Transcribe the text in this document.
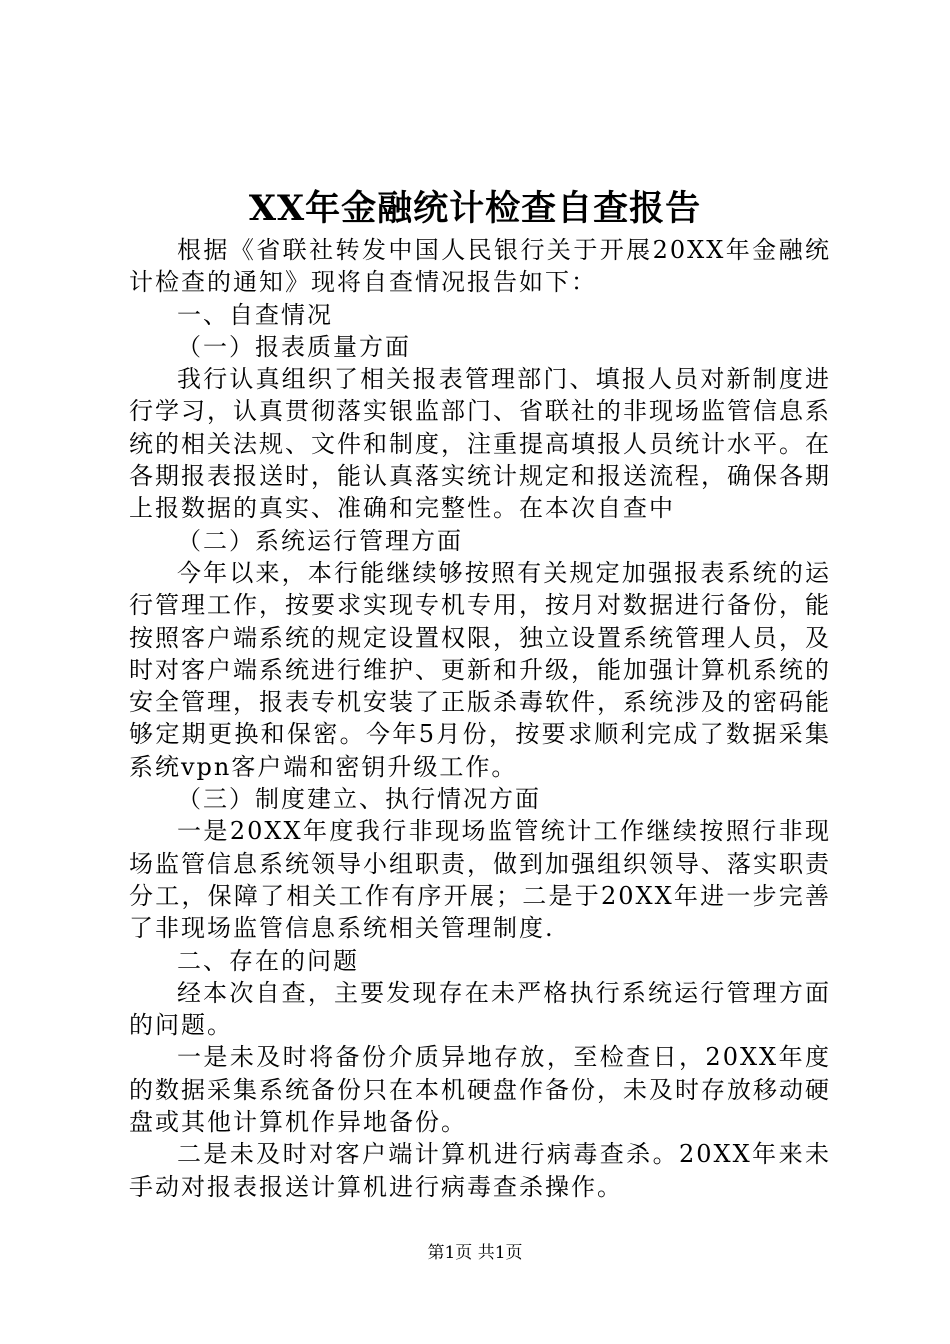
XX年金融统计检查自查报告

根据《省联社转发中国人民银行关于开展20XX年金融统计检查的通知》现将自查情况报告如下：

一、自查情况

（一）报表质量方面

我行认真组织了相关报表管理部门、填报人员对新制度进行学习，认真贯彻落实银监部门、省联社的非现场监管信息系统的相关法规、文件和制度，注重提高填报人员统计水平。在各期报表报送时，能认真落实统计规定和报送流程，确保各期上报数据的真实、准确和完整性。在本次自查中

（二）系统运行管理方面

今年以来，本行能继续够按照有关规定加强报表系统的运行管理工作，按要求实现专机专用，按月对数据进行备份，能按照客户端系统的规定设置权限，独立设置系统管理人员，及时对客户端系统进行维护、更新和升级，能加强计算机系统的安全管理，报表专机安装了正版杀毒软件，系统涉及的密码能够定期更换和保密。今年5月份，按要求顺利完成了数据采集系统vpn客户端和密钥升级工作。

（三）制度建立、执行情况方面

一是20XX年度我行非现场监管统计工作继续按照行非现场监管信息系统领导小组职责，做到加强组织领导、落实职责分工，保障了相关工作有序开展；二是于20XX年进一步完善了非现场监管信息系统相关管理制度.

二、存在的问题

经本次自查，主要发现存在未严格执行系统运行管理方面的问题。

一是未及时将备份介质异地存放，至检查日，20XX年度的数据采集系统备份只在本机硬盘作备份，未及时存放移动硬盘或其他计算机作异地备份。

二是未及时对客户端计算机进行病毒查杀。20XX年来未手动对报表报送计算机进行病毒查杀操作。

第1页 共1页
